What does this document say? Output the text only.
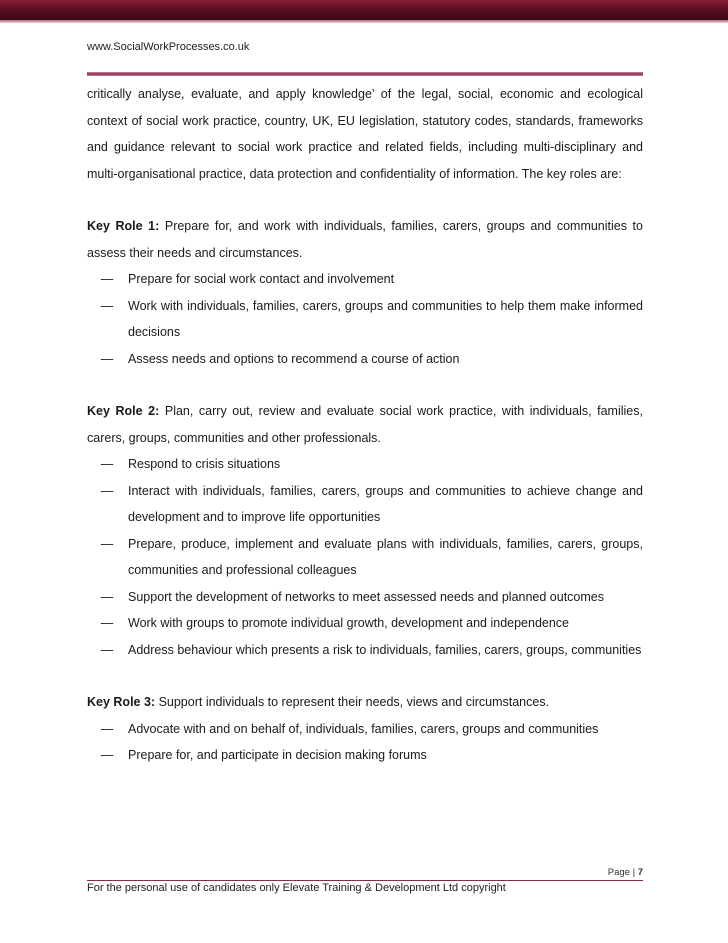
www.SocialWorkProcesses.co.uk

critically analyse, evaluate, and apply knowledge’ of the legal, social, economic and ecological context of social work practice, country, UK, EU legislation, statutory codes, standards, frameworks and guidance relevant to social work practice and related fields, including multi-disciplinary and multi-organisational practice, data protection and confidentiality of information. The key roles are:

Key Role 1: Prepare for, and work with individuals, families, carers, groups and communities to assess their needs and circumstances.

—	Prepare for social work contact and involvement
—	Work with individuals, families, carers, groups and communities to help them make informed decisions
—	Assess needs and options to recommend a course of action

Key Role 2: Plan, carry out, review and evaluate social work practice, with individuals, families, carers, groups, communities and other professionals.

—	Respond to crisis situations
—	Interact with individuals, families, carers, groups and communities to achieve change and development and to improve life opportunities
—	Prepare, produce, implement and evaluate plans with individuals, families, carers, groups, communities and professional colleagues
—	Support the development of networks to meet assessed needs and planned outcomes
—	Work with groups to promote individual growth, development and independence
—	Address behaviour which presents a risk to individuals, families, carers, groups, communities

Key Role 3: Support individuals to represent their needs, views and circumstances.

—	Advocate with and on behalf of, individuals, families, carers, groups and communities
—	Prepare for, and participate in decision making forums
Page | 7
For the personal use of candidates only Elevate Training & Development Ltd copyright
